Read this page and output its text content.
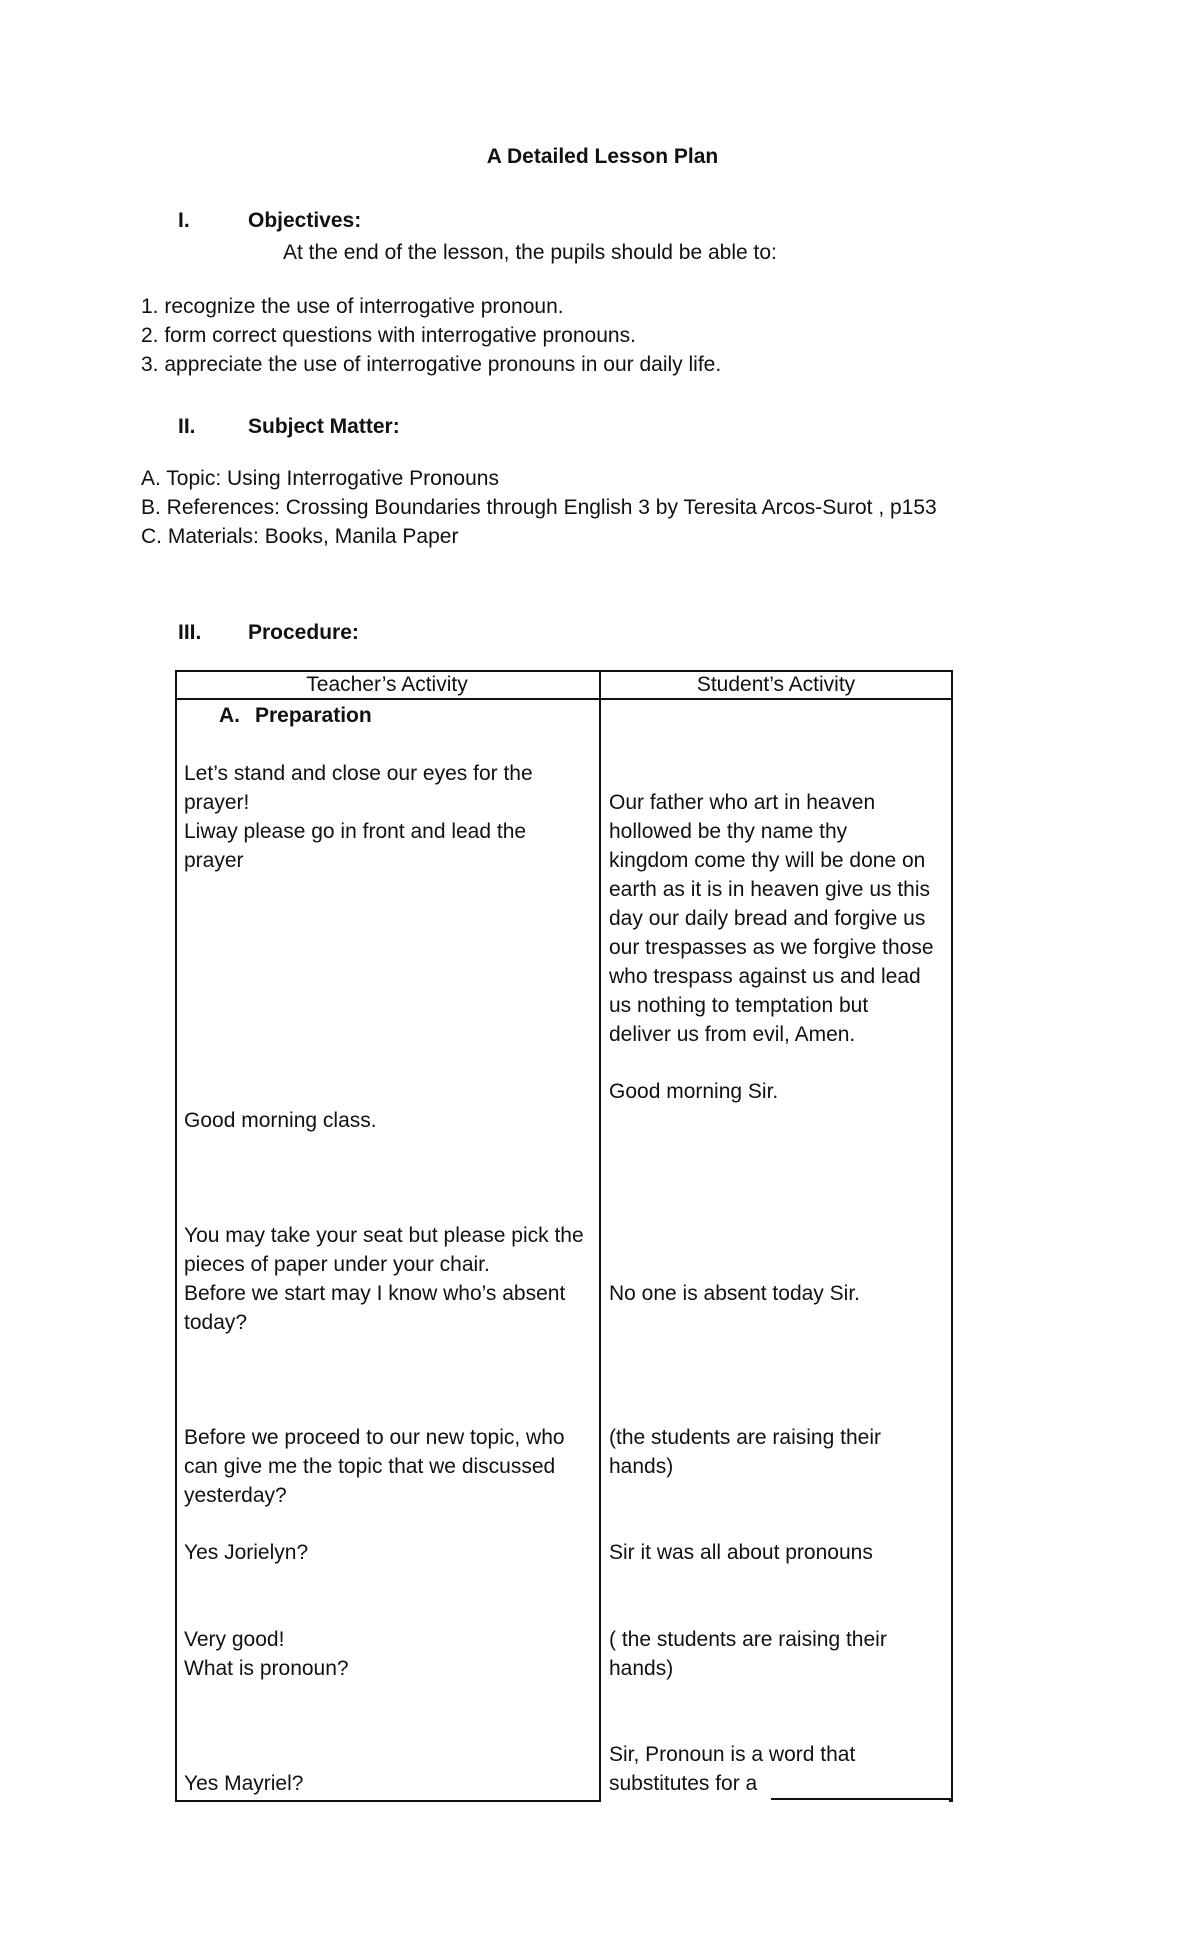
A Detailed Lesson Plan
I.	Objectives:
At the end of the lesson, the pupils should be able to:
1. recognize the use of interrogative pronoun.
2. form correct questions with interrogative pronouns.
3. appreciate the use of interrogative pronouns in our daily life.
II. Subject Matter:
A. Topic: Using Interrogative Pronouns
B. References: Crossing Boundaries through English 3 by Teresita Arcos-Surot , p153
C. Materials: Books, Manila Paper
III. Procedure:
Teacher’s Activity	Student’s Activity
A. Preparation
Let’s stand and close our eyes for the
prayer!
Liway please go in front and lead the
prayer
Good morning class.
You may take your seat but please pick the
pieces of paper under your chair.
Before we start may I know who’s absent
today?
Before we proceed to our new topic, who
can give me the topic that we discussed
yesterday?
Yes Jorielyn?
Very good!
What is pronoun?
Yes Mayriel?
Our father who art in heaven
hollowed be thy name thy
kingdom come thy will be done on
earth as it is in heaven give us this
day our daily bread and forgive us
our trespasses as we forgive those
who trespass against us and lead
us nothing to temptation but
deliver us from evil, Amen.
Good morning Sir.
No one is absent today Sir.
(the students are raising their
hands)
Sir it was all about pronouns
( the students are raising their
hands)
Sir, Pronoun is a word that
substitutes for a
